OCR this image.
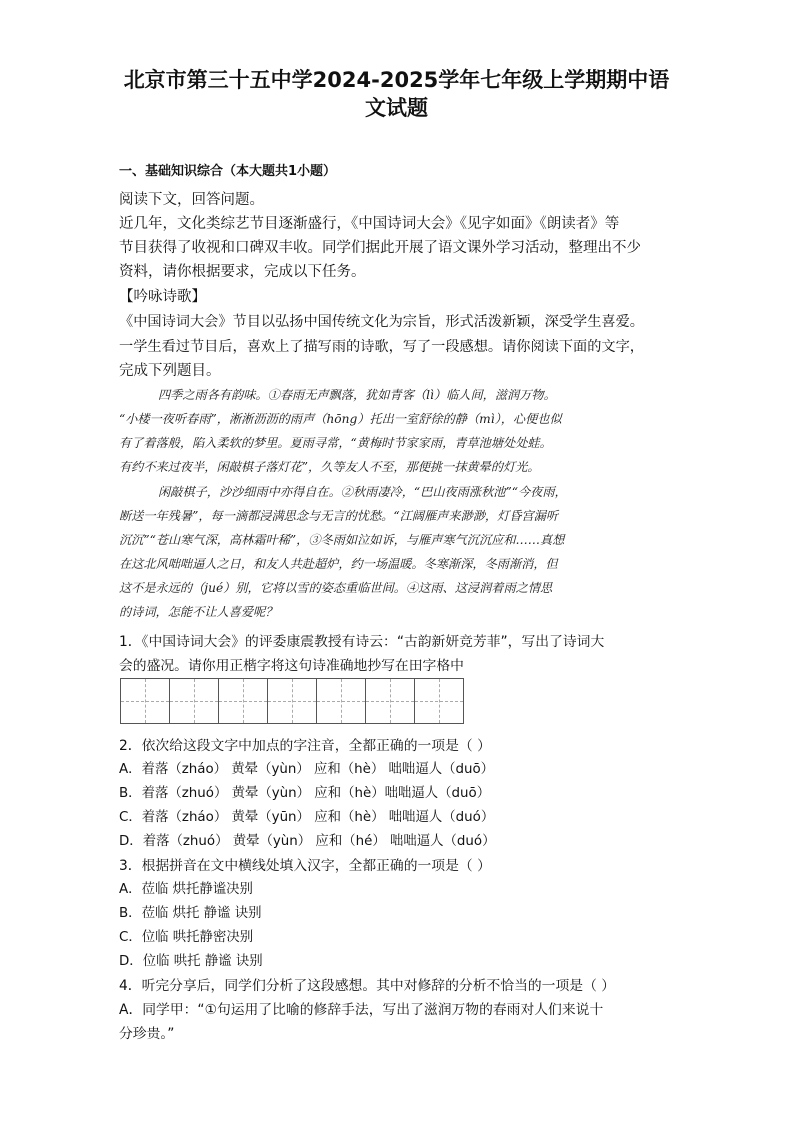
北京市第三十五中学2024-2025学年七年级上学期期中语
文试题
一、基础知识综合（本大题共1小题）
阅读下文，回答问题。
近几年，文化类综艺节目逐渐盛行，《中国诗词大会》《见字如面》《朗读者》等
节目获得了收视和口碑双丰收。同学们据此开展了语文课外学习活动，整理出不少
资料，请你根据要求，完成以下任务。
【吟咏诗歌】
《中国诗词大会》节目以弘扬中国传统文化为宗旨，形式活泼新颖，深受学生喜爱。
一学生看过节目后，喜欢上了描写雨的诗歌，写了一段感想。请你阅读下面的文字，
完成下列题目。
四季之雨各有韵味。①春雨无声飘落，犹如青客（lì）临人间，滋润万物。
“小楼一夜听春雨”，淅淅沥沥的雨声（hōng）托出一室舒徐的静（mì），心便也似
有了着落般，陷入柔软的梦里。夏雨寻常，“黄梅时节家家雨，青草池塘处处蛙。
有约不来过夜半，闲敲棋子落灯花”，久等友人不至，那便挑一抹黄晕的灯光。
闲敲棋子，沙沙细雨中亦得自在。②秋雨凄冷，“巴山夜雨涨秋池”“今夜雨，
断送一年残暑”，每一滴都浸满思念与无言的忧愁。“江阔雁声来渺渺，灯昏宫漏听
沉沉”“苍山寒气深，高林霜叶稀”，③冬雨如泣如诉，与雁声寒气沉沉应和……真想
在这北风咄咄逼人之日，和友人共赴超炉，约一场温暖。冬寒渐深，冬雨渐消，但
这不是永远的（jué）别，它将以雪的姿态重临世间。④这雨、这浸润着雨之情思
的诗词，怎能不让人喜爱呢？
1．《中国诗词大会》的评委康震教授有诗云：“古韵新妍竞芳菲”，写出了诗词大
会的盛况。请你用正楷字将这句诗准确地抄写在田字格中
2．依次给这段文字中加点的字注音，全都正确的一项是（ ）
A．着落（zháo） 黄晕（yùn） 应和（hè） 咄咄逼人（duō）
B．着落（zhuó） 黄晕（yùn） 应和（hè）咄咄逼人（duō）
C．着落（zháo） 黄晕（yūn） 应和（hè） 咄咄逼人（duó）
D．着落（zhuó） 黄晕（yùn） 应和（hé） 咄咄逼人（duó）
3．根据拼音在文中横线处填入汉字，全都正确的一项是（ ）
A．莅临 烘托静谧决别
B．莅临 烘托 静谧 诀别
C．位临 哄托静密决别
D．位临 哄托 静谧 诀别
4．听完分享后，同学们分析了这段感想。其中对修辞的分析不恰当的一项是（ ）
A．同学甲：“①句运用了比喻的修辞手法，写出了滋润万物的春雨对人们来说十
分珍贵。”
